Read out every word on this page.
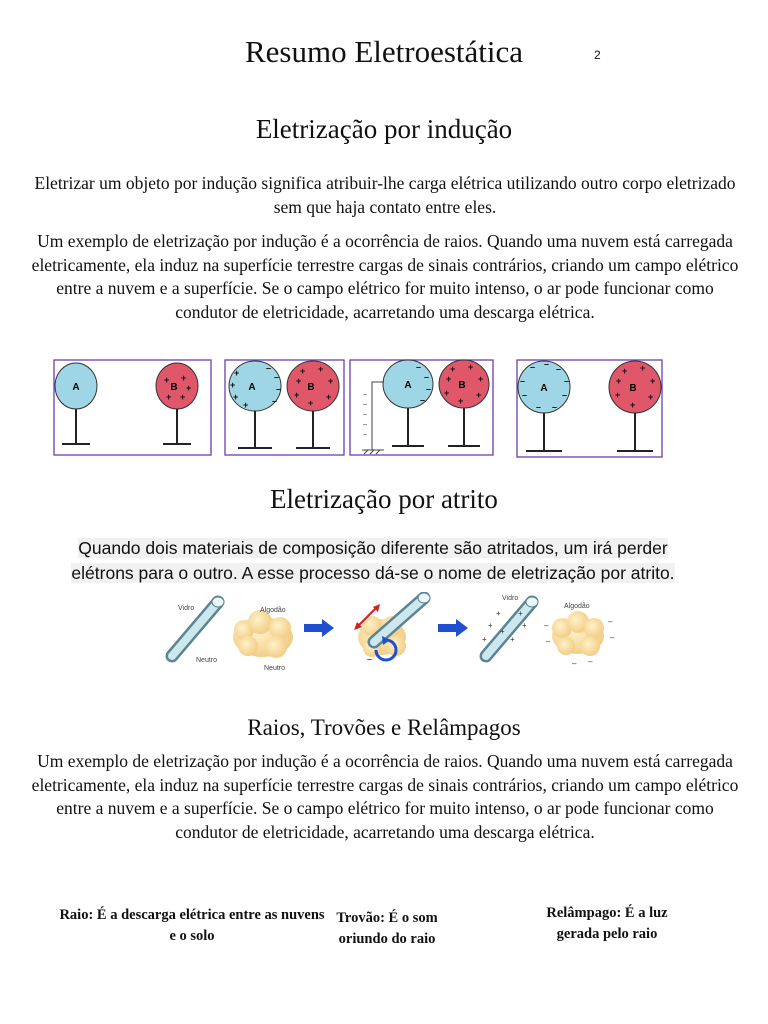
Resumo Eletroestática	2
Eletrização por indução
Eletrizar um objeto por indução significa atribuir-lhe carga elétrica utilizando outro corpo eletrizado sem que haja contato entre eles.
Um exemplo de eletrização por indução é a ocorrência de raios. Quando uma nuvem está carregada eletricamente, ela induz na superfície terrestre cargas de sinais contrários, criando um campo elétrico entre a nuvem e a superfície. Se o campo elétrico for muito intenso, o ar pode funcionar como condutor de eletricidade, acarretando uma descarga elétrica.
A	B
+
+
+
+
+
A
+
+
+
+
–
–
–
–
B
+ +
+
+
+
+
+	A
–
–
–
–
–
–
–
–
–
B
+ +
+
+
+
+
+
A
– – –
–
–
–
–
–
–
B
+ +
+
+
+
+
+
Eletrização por atrito
Quando dois materiais de composição diferente são atritados, um irá perder
elétrons para o outro. A esse processo dá-se o nome de eletrização por atrito.
Vidro
Neutro
Algodão
Neutro
–
Vidro
+
+
+
+
+
+
+
Algodão
–
–
–
–
– –
Raios, Trovões e Relâmpagos
Um exemplo de eletrização por indução é a ocorrência de raios. Quando uma nuvem está carregada eletricamente, ela induz na superfície terrestre cargas de sinais contrários, criando um campo elétrico entre a nuvem e a superfície. Se o campo elétrico for muito intenso, o ar pode funcionar como condutor de eletricidade, acarretando uma descarga elétrica.
Raio: É a descarga elétrica entre as nuvens e o solo
Trovão: É o som oriundo do raio
Relâmpago: É a luz gerada pelo raio
